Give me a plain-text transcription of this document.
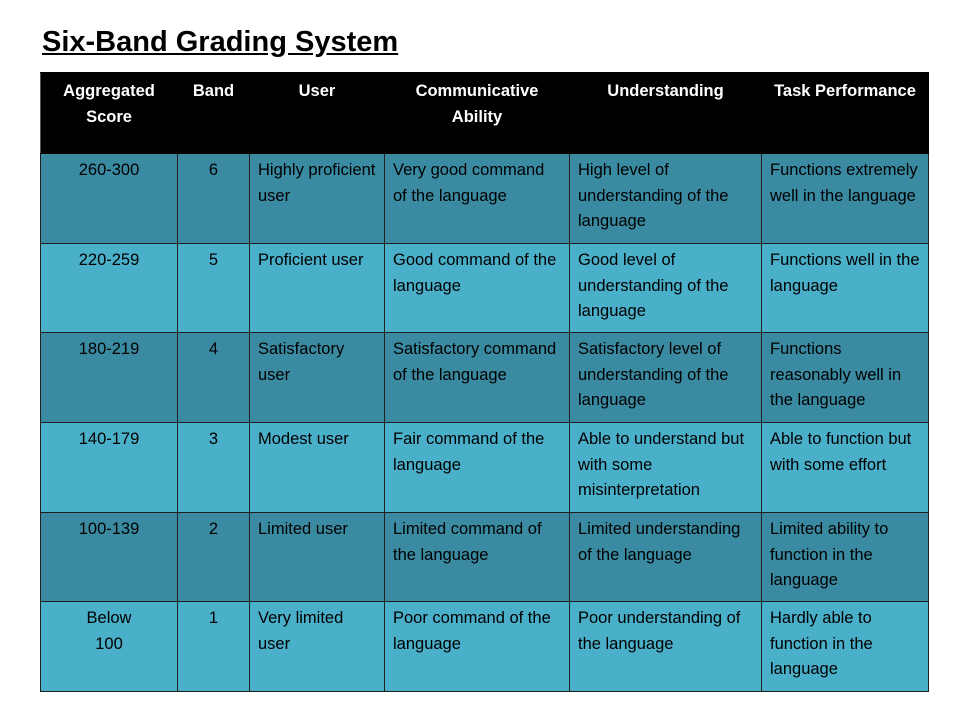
Six-Band Grading System
Aggregated Score	Band	User	Communicative Ability	Understanding	Task Performance
260-300	6	Highly proficient user	Very good command of the language	High level of understanding of the language	Functions extremely well in the language
220-259	5	Proficient user	Good command of the language	Good level of understanding of the language	Functions well in the language
180-219	4	Satisfactory user	Satisfactory command of the language	Satisfactory level of understanding of the language	Functions reasonably well in the language
140-179	3	Modest user	Fair command of the language	Able to understand but with some misinterpretation	Able to function but with some effort
100-139	2	Limited user	Limited command of the language	Limited understanding of the language	Limited ability to function in the language
Below 100	1	Very limited user	Poor command of the language	Poor understanding of the language	Hardly able to function in the language
